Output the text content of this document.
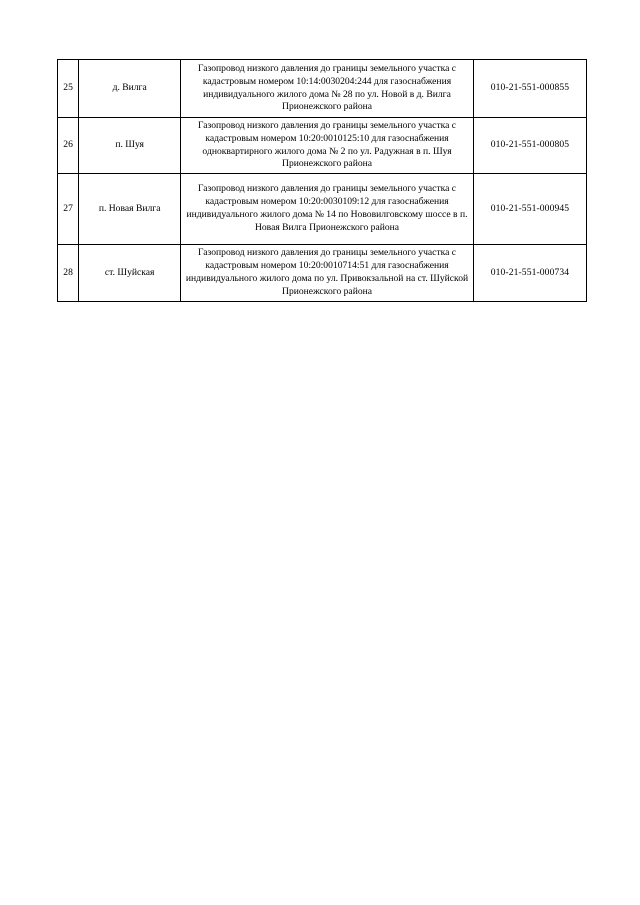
25	д. Вилга	Газопровод низкого давления до границы земельного участка с кадастровым номером 10:14:0030204:244 для газоснабжения индивидуального жилого дома № 28 по ул. Новой в д. Вилга Прионежского района	010-21-551-000855
26	п. Шуя	Газопровод низкого давления до границы земельного участка с кадастровым номером 10:20:0010125:10 для газоснабжения одноквартирного жилого дома № 2 по ул. Радужная в п. Шуя Прионежского района	010-21-551-000805
27	п. Новая Вилга	Газопровод низкого давления до границы земельного участка с кадастровым номером 10:20:0030109:12 для газоснабжения индивидуального жилого дома № 14 по Нововилговскому шоссе в п. Новая Вилга Прионежского района	010-21-551-000945
28	ст. Шуйская	Газопровод низкого давления до границы земельного участка с кадастровым номером 10:20:0010714:51 для газоснабжения индивидуального жилого дома по ул. Привокзальной на ст. Шуйской Прионежского района	010-21-551-000734
